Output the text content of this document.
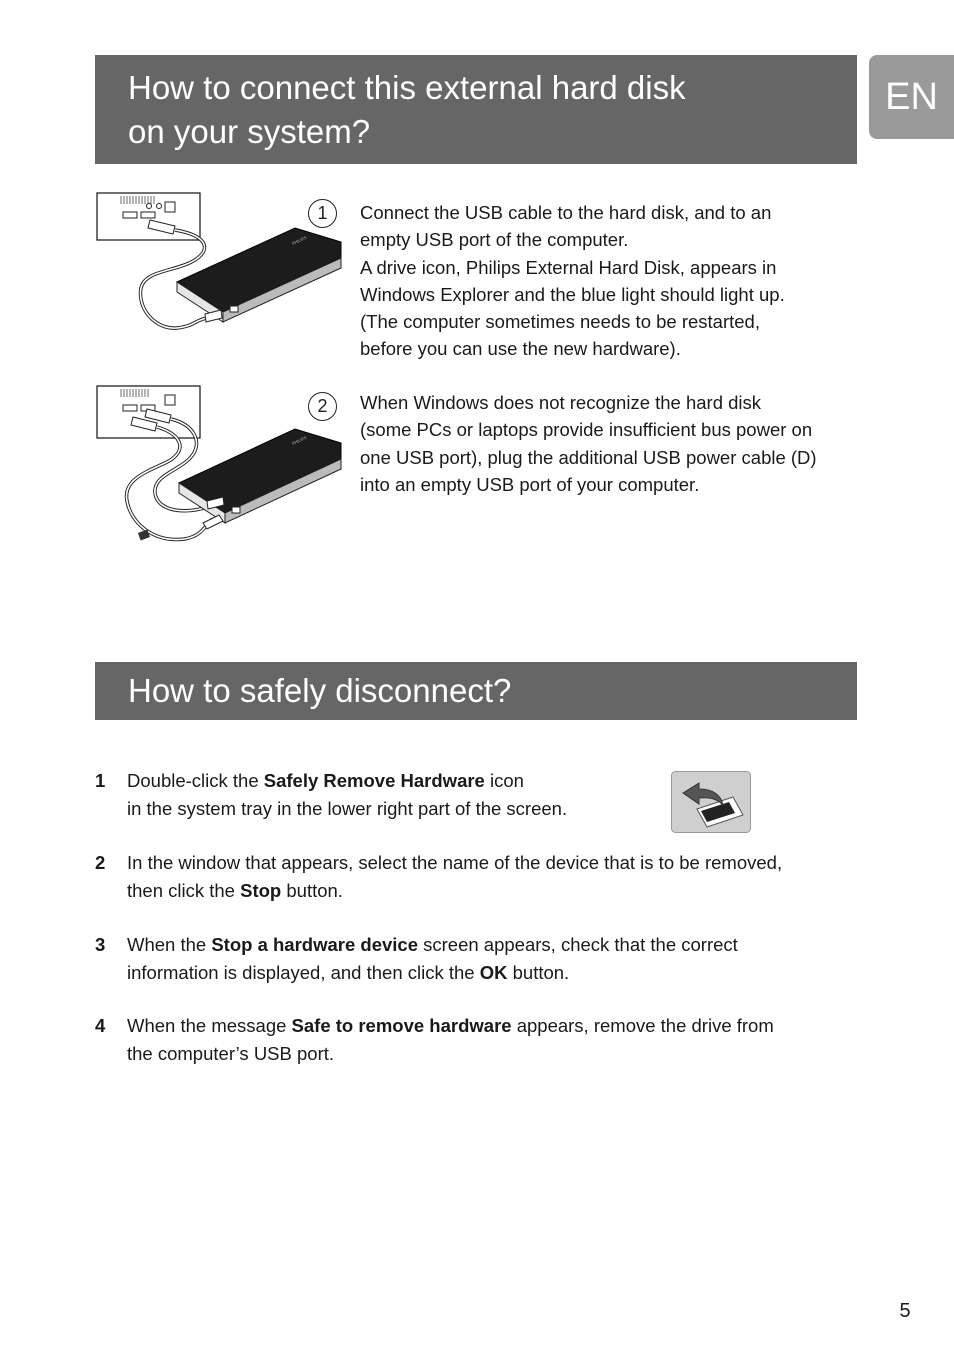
How to connect this external hard disk
on your system?
EN
PHILIPS
1	Connect the USB cable to the hard disk, and to an
empty USB port of the computer.
A drive icon, Philips External Hard Disk, appears in
Windows Explorer and the blue light should light up.
(The computer sometimes needs to be restarted,
before you can use the new hardware).

PHILIPS
2	When Windows does not recognize the hard disk
(some PCs or laptops provide insufficient bus power on
one USB port), plug the additional USB power cable (D)
into an empty USB port of your computer.

How to safely disconnect?
1 Double-click the Safely Remove Hardware icon
in the system tray in the lower right part of the screen.
2 In the window that appears, select the name of the device that is to be removed,
then click the Stop button.
3 When the Stop a hardware device screen appears, check that the correct
information is displayed, and then click the OK button.
4 When the message Safe to remove hardware appears, remove the drive from
the computer’s USB port.
5
